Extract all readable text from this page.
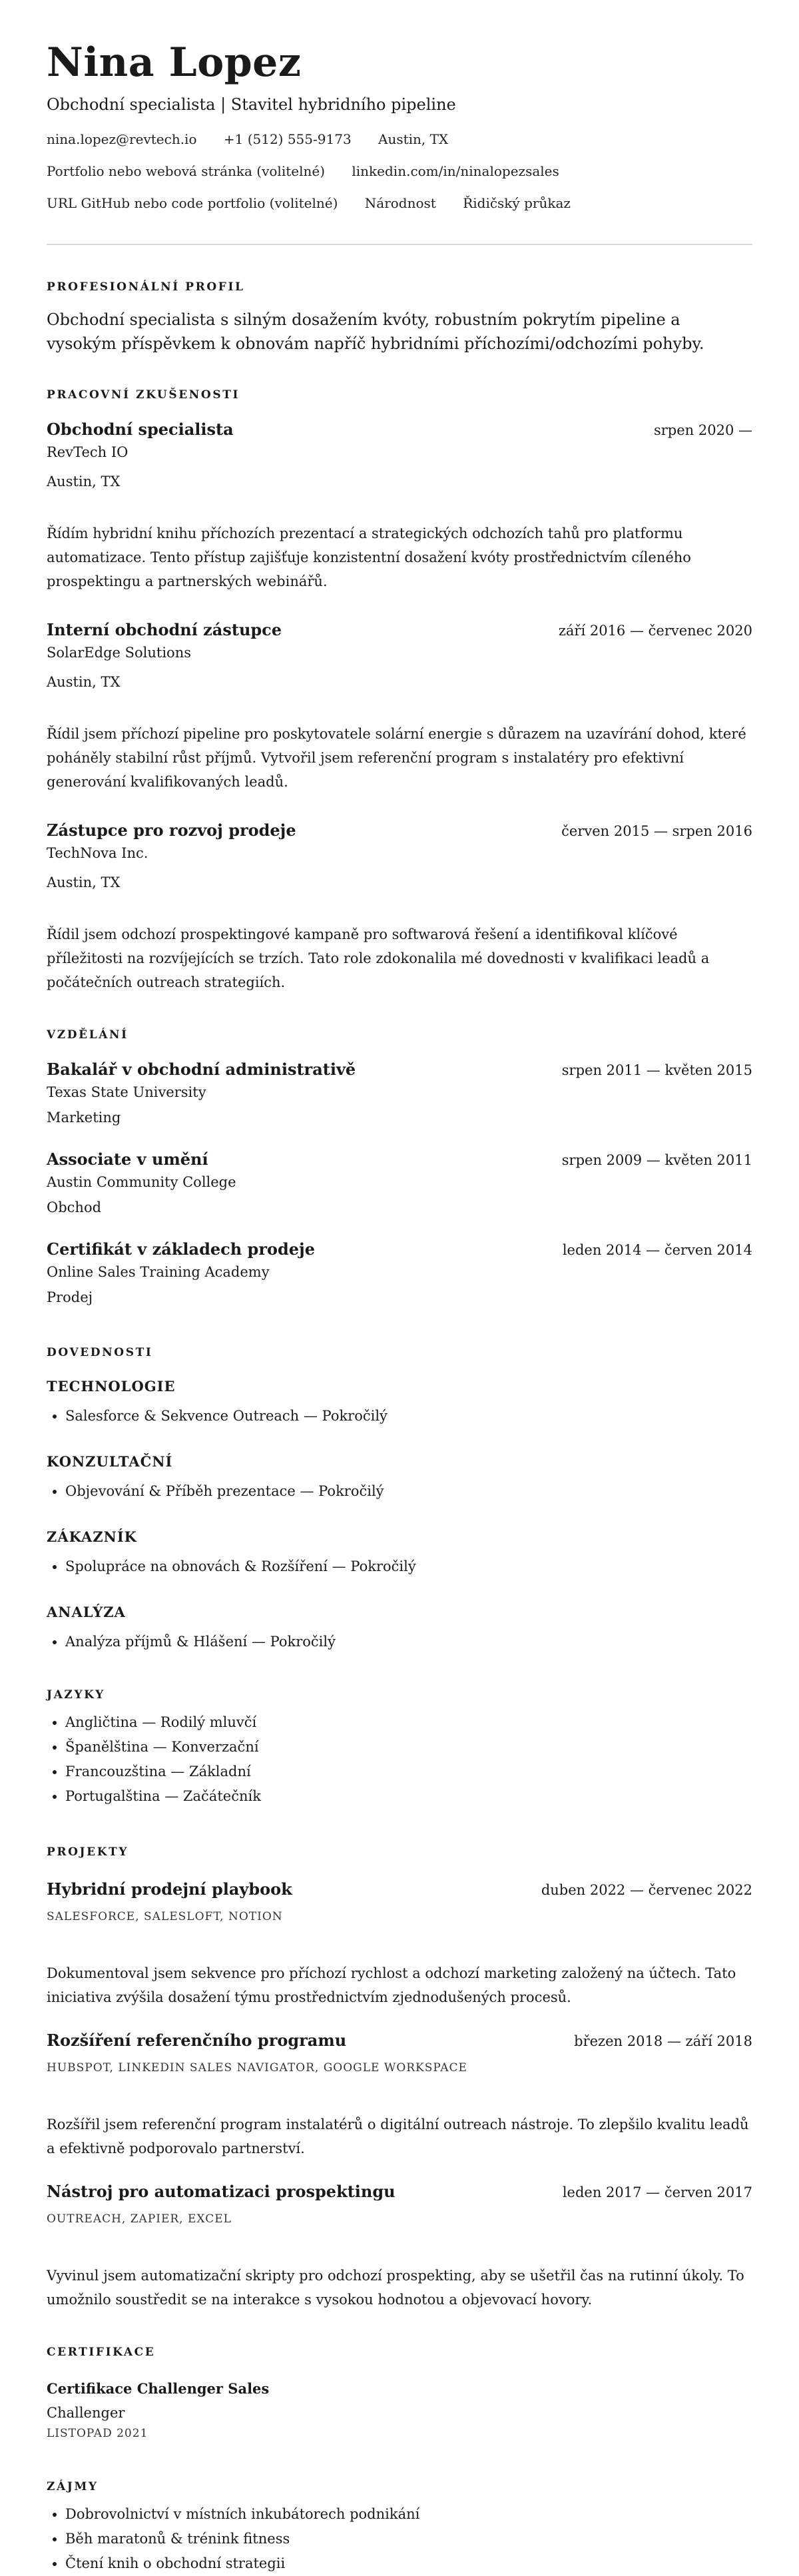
Nina Lopez
Obchodní specialista | Stavitel hybridního pipeline
nina.lopez@revtech.io +1 (512) 555-9173 Austin, TX
Portfolio nebo webová stránka (volitelné) linkedin.com/in/ninalopezsales
URL GitHub nebo code portfolio (volitelné) Národnost Řidičský průkaz
PROFESIONÁLNÍ PROFIL
Obchodní specialista s silným dosažením kvóty, robustním pokrytím pipeline a vysokým příspěvkem k obnovám napříč hybridními příchozími/odchozími pohyby.
PRACOVNÍ ZKUŠENOSTI
Obchodní specialista	srpen 2020 —
RevTech IO
Austin, TX
Řídím hybridní knihu příchozích prezentací a strategických odchozích tahů pro platformu automatizace. Tento přístup zajišťuje konzistentní dosažení kvóty prostřednictvím cíleného prospektingu a partnerských webinářů.
Interní obchodní zástupce	září 2016 — červenec 2020
SolarEdge Solutions
Austin, TX
Řídil jsem příchozí pipeline pro poskytovatele solární energie s důrazem na uzavírání dohod, které poháněly stabilní růst příjmů. Vytvořil jsem referenční program s instalatéry pro efektivní generování kvalifikovaných leadů.
Zástupce pro rozvoj prodeje	červen 2015 — srpen 2016
TechNova Inc.
Austin, TX
Řídil jsem odchozí prospektingové kampaně pro softwarová řešení a identifikoval klíčové příležitosti na rozvíjejících se trzích. Tato role zdokonalila mé dovednosti v kvalifikaci leadů a počátečních outreach strategiích.
VZDĚLÁNÍ
Bakalář v obchodní administrativě	srpen 2011 — květen 2015
Texas State University
Marketing
Associate v umění	srpen 2009 — květen 2011
Austin Community College
Obchod
Certifikát v základech prodeje	leden 2014 — červen 2014
Online Sales Training Academy
Prodej
DOVEDNOSTI
TECHNOLOGIE
• Salesforce & Sekvence Outreach — Pokročilý
KONZULTAČNÍ
• Objevování & Příběh prezentace — Pokročilý
ZÁKAZNÍK
• Spolupráce na obnovách & Rozšíření — Pokročilý
ANALÝZA
• Analýza příjmů & Hlášení — Pokročilý
JAZYKY
• Angličtina — Rodilý mluvčí
• Španělština — Konverzační
• Francouzština — Základní
• Portugalština — Začátečník
PROJEKTY
Hybridní prodejní playbook	duben 2022 — červenec 2022
SALESFORCE, SALESLOFT, NOTION
Dokumentoval jsem sekvence pro příchozí rychlost a odchozí marketing založený na účtech. Tato iniciativa zvýšila dosažení týmu prostřednictvím zjednodušených procesů.
Rozšíření referenčního programu	březen 2018 — září 2018
HUBSPOT, LINKEDIN SALES NAVIGATOR, GOOGLE WORKSPACE
Rozšířil jsem referenční program instalatérů o digitální outreach nástroje. To zlepšilo kvalitu leadů a efektivně podporovalo partnerství.
Nástroj pro automatizaci prospektingu	leden 2017 — červen 2017
OUTREACH, ZAPIER, EXCEL
Vyvinul jsem automatizační skripty pro odchozí prospekting, aby se ušetřil čas na rutinní úkoly. To umožnilo soustředit se na interakce s vysokou hodnotou a objevovací hovory.
CERTIFIKACE
Certifikace Challenger Sales
Challenger
LISTOPAD 2021
ZÁJMY
• Dobrovolnictví v místních inkubátorech podnikání
• Běh maratonů & trénink fitness
• Čtení knih o obchodní strategii
